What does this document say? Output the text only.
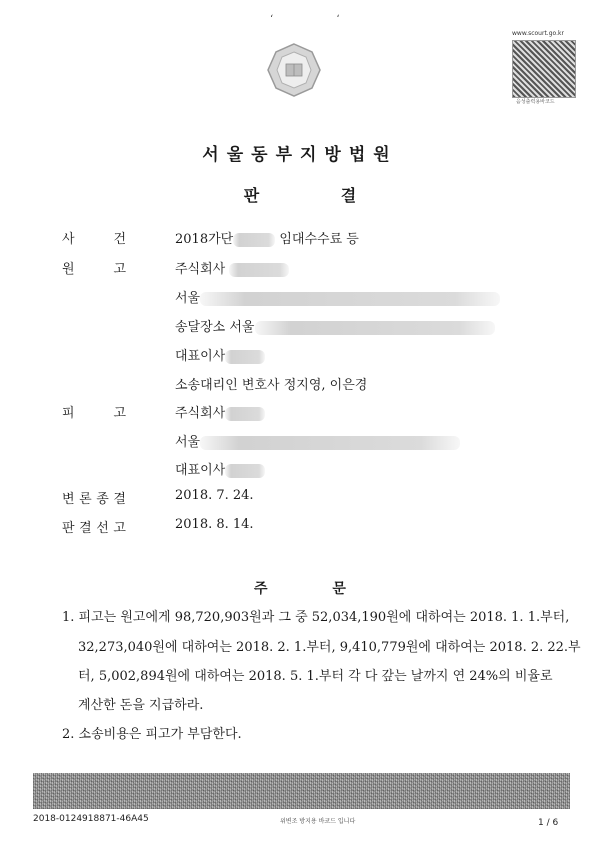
‘ ‘
www.scourt.go.kr
음성출력용바코드
서울동부지방법원
판 결
사	건	2018가단	임대수수료 등
원	고	주식회사
서울
송달장소 서울
대표이사
소송대리인 변호사 정지영, 이은경
피	고	주식회사
서울
대표이사
변 론 종 결	2018. 7. 24.
판 결 선 고	2018. 8. 14.
주 문
1. 피고는 원고에게 98,720,903원과 그 중 52,034,190원에 대하여는 2018. 1. 1.부터,
32,273,040원에 대하여는 2018. 2. 1.부터, 9,410,779원에 대하여는 2018. 2. 22.부
터, 5,002,894원에 대하여는 2018. 5. 1.부터 각 다 갚는 날까지 연 24%의 비율로
계산한 돈을 지급하라.
2. 소송비용은 피고가 부담한다.
2018-0124918871-46A45	위변조 방지용 바코드 입니다	1 / 6
